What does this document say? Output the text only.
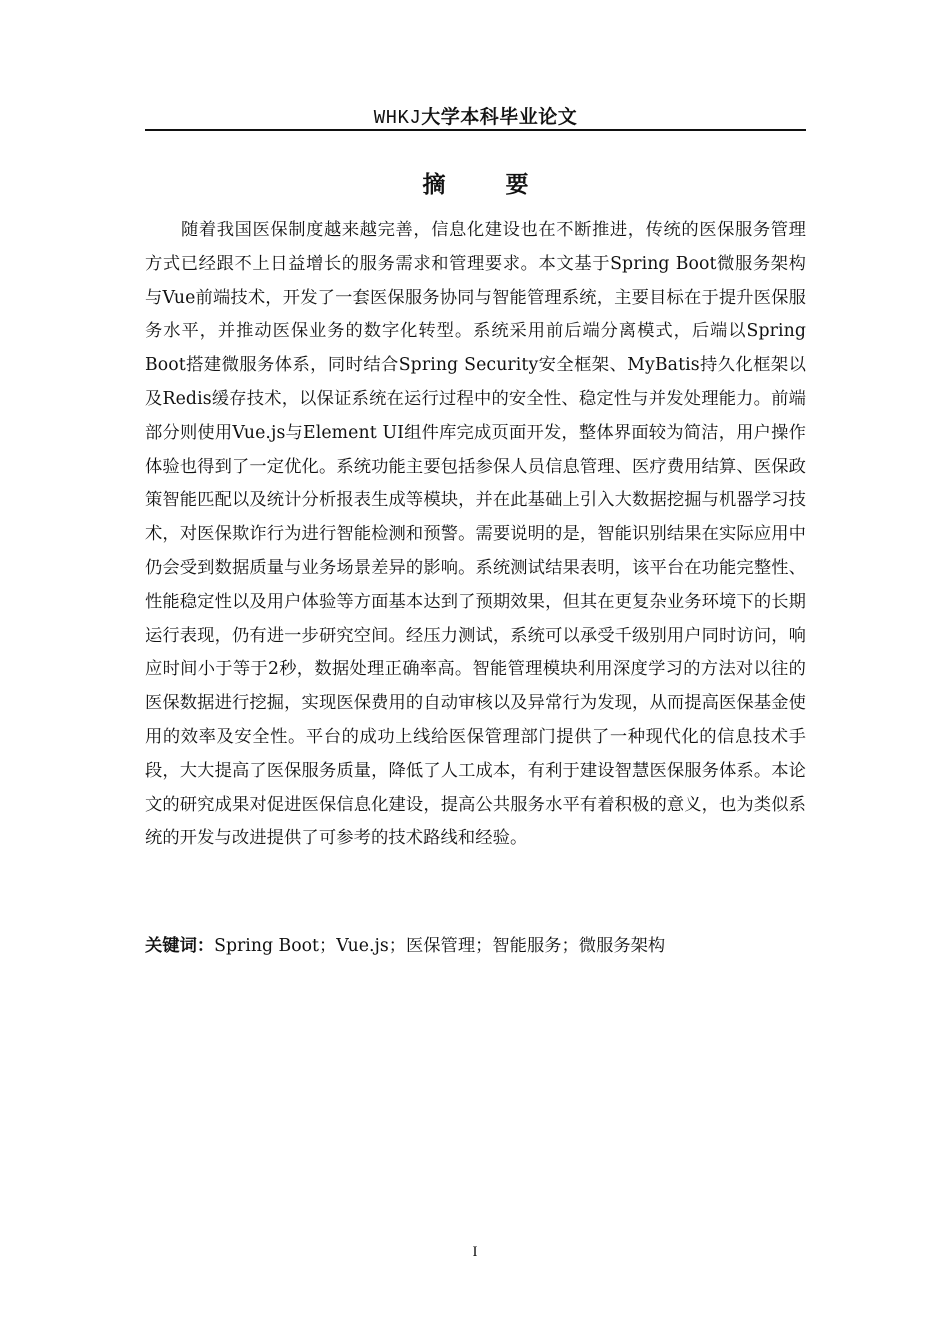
WHKJ大学本科毕业论文
摘 要

随着我国医保制度越来越完善，信息化建设也在不断推进，传统的医保服务管理方式已经跟不上日益增长的服务需求和管理要求。本文基于Spring Boot微服务架构与Vue前端技术，开发了一套医保服务协同与智能管理系统，主要目标在于提升医保服务水平，并推动医保业务的数字化转型。系统采用前后端分离模式，后端以Spring Boot搭建微服务体系，同时结合Spring Security安全框架、MyBatis持久化框架以及Redis缓存技术，以保证系统在运行过程中的安全性、稳定性与并发处理能力。前端部分则使用Vue.js与Element UI组件库完成页面开发，整体界面较为简洁，用户操作体验也得到了一定优化。系统功能主要包括参保人员信息管理、医疗费用结算、医保政策智能匹配以及统计分析报表生成等模块，并在此基础上引入大数据挖掘与机器学习技术，对医保欺诈行为进行智能检测和预警。需要说明的是，智能识别结果在实际应用中仍会受到数据质量与业务场景差异的影响。系统测试结果表明，该平台在功能完整性、性能稳定性以及用户体验等方面基本达到了预期效果，但其在更复杂业务环境下的长期运行表现，仍有进一步研究空间。经压力测试，系统可以承受千级别用户同时访问，响应时间小于等于2秒，数据处理正确率高。智能管理模块利用深度学习的方法对以往的医保数据进行挖掘，实现医保费用的自动审核以及异常行为发现，从而提高医保基金使用的效率及安全性。平台的成功上线给医保管理部门提供了一种现代化的信息技术手段，大大提高了医保服务质量，降低了人工成本，有利于建设智慧医保服务体系。本论文的研究成果对促进医保信息化建设，提高公共服务水平有着积极的意义，也为类似系统的开发与改进提供了可参考的技术路线和经验。

关键词：Spring Boot；Vue.js；医保管理；智能服务；微服务架构
I
